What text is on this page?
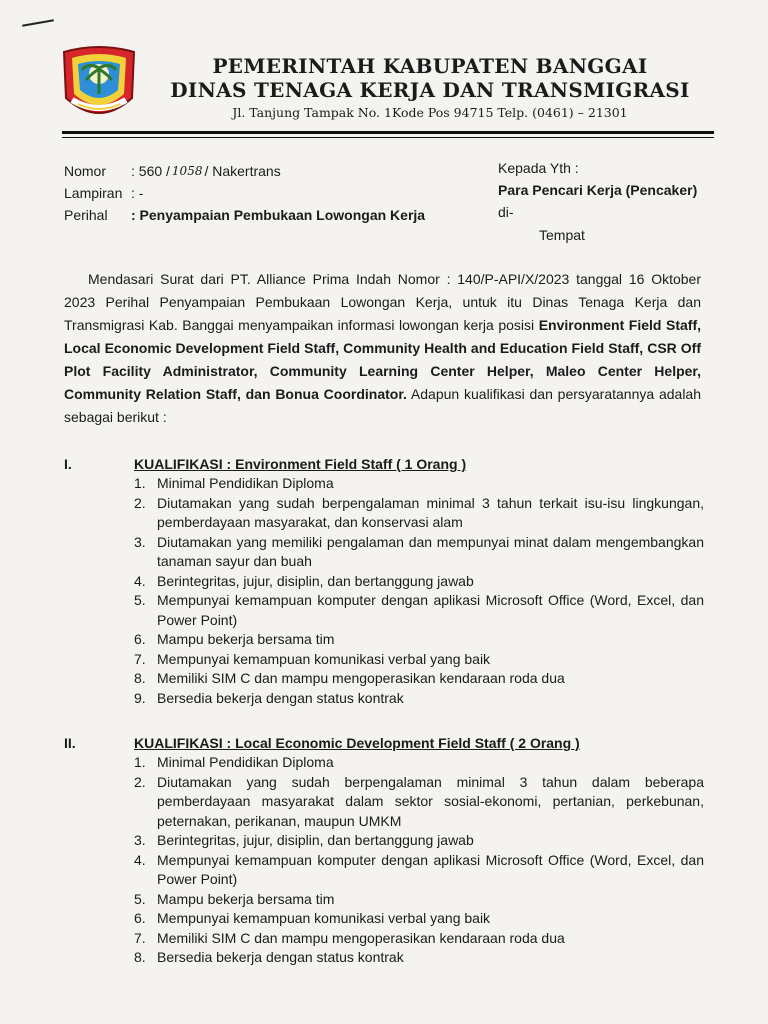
PEMERINTAH KABUPATEN BANGGAI
DINAS TENAGA KERJA DAN TRANSMIGRASI
Jl. Tanjung Tampak No. 1Kode Pos 94715 Telp. (0461) – 21301
Nomor	: 560 / 1058 / Nakertrans
Lampiran : -
Perihal	: Penyampaian Pembukaan Lowongan Kerja
Kepada Yth :
Para Pencari Kerja (Pencaker)
di-
Tempat
Mendasari Surat dari PT. Alliance Prima Indah Nomor : 140/P-API/X/2023 tanggal 16 Oktober 2023 Perihal Penyampaian Pembukaan Lowongan Kerja, untuk itu Dinas Tenaga Kerja dan Transmigrasi Kab. Banggai menyampaikan informasi lowongan kerja posisi Environment Field Staff, Local Economic Development Field Staff, Community Health and Education Field Staff, CSR Off Plot Facility Administrator, Community Learning Center Helper, Maleo Center Helper, Community Relation Staff, dan Bonua Coordinator. Adapun kualifikasi dan persyaratannya adalah sebagai berikut :
I.	KUALIFIKASI : Environment Field Staff ( 1 Orang )
1. Minimal Pendidikan Diploma
2. Diutamakan yang sudah berpengalaman minimal 3 tahun terkait isu-isu lingkungan, pemberdayaan masyarakat, dan konservasi alam
3. Diutamakan yang memiliki pengalaman dan mempunyai minat dalam mengembangkan tanaman sayur dan buah
4. Berintegritas, jujur, disiplin, dan bertanggung jawab
5. Mempunyai kemampuan komputer dengan aplikasi Microsoft Office (Word, Excel, dan Power Point)
6. Mampu bekerja bersama tim
7. Mempunyai kemampuan komunikasi verbal yang baik
8. Memiliki SIM C dan mampu mengoperasikan kendaraan roda dua
9. Bersedia bekerja dengan status kontrak
II.	KUALIFIKASI : Local Economic Development Field Staff ( 2 Orang )
1. Minimal Pendidikan Diploma
2. Diutamakan yang sudah berpengalaman minimal 3 tahun dalam beberapa pemberdayaan masyarakat dalam sektor sosial-ekonomi, pertanian, perkebunan, peternakan, perikanan, maupun UMKM
3. Berintegritas, jujur, disiplin, dan bertanggung jawab
4. Mempunyai kemampuan komputer dengan aplikasi Microsoft Office (Word, Excel, dan Power Point)
5. Mampu bekerja bersama tim
6. Mempunyai kemampuan komunikasi verbal yang baik
7. Memiliki SIM C dan mampu mengoperasikan kendaraan roda dua
8. Bersedia bekerja dengan status kontrak
